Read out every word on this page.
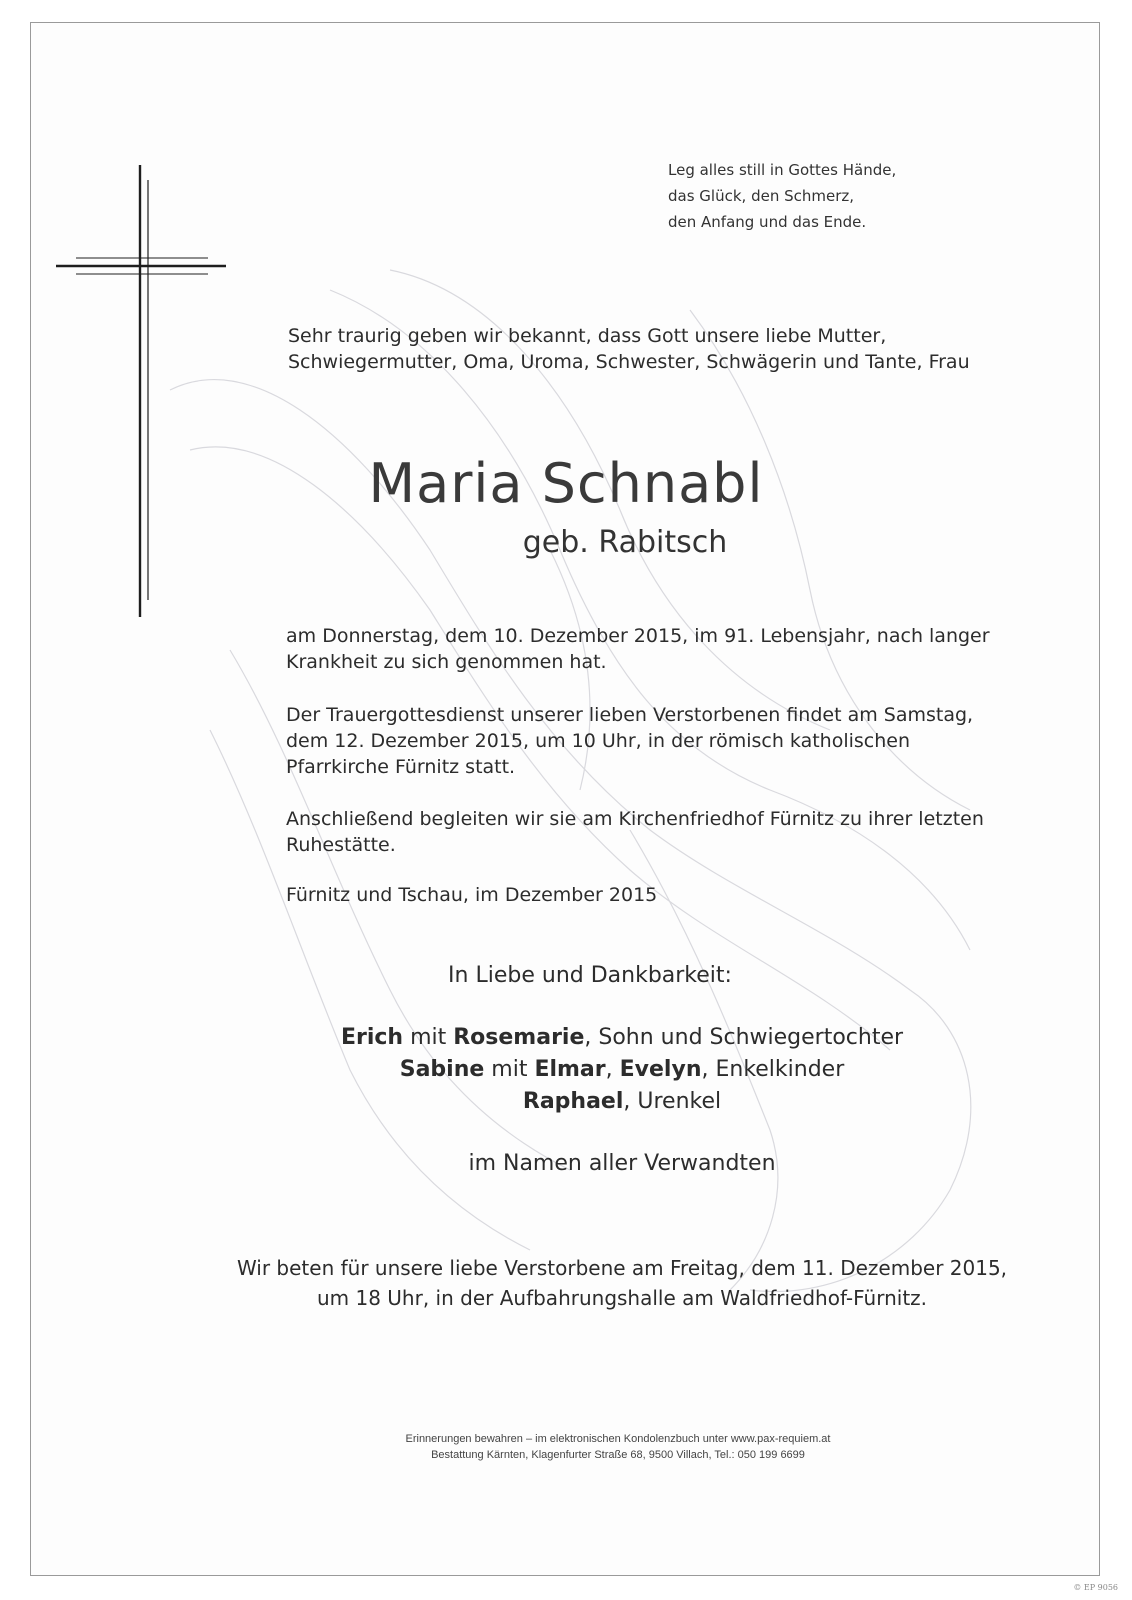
Leg alles still in Gottes Hände,
das Glück, den Schmerz,
den Anfang und das Ende.
Sehr traurig geben wir bekannt, dass Gott unsere liebe Mutter,
Schwiegermutter, Oma, Uroma, Schwester, Schwägerin und Tante, Frau
Maria Schnabl
geb. Rabitsch
am Donnerstag, dem 10. Dezember 2015, im 91. Lebensjahr, nach langer
Krankheit zu sich genommen hat.
Der Trauergottesdienst unserer lieben Verstorbenen findet am Samstag,
dem 12. Dezember 2015, um 10 Uhr, in der römisch katholischen
Pfarrkirche Fürnitz statt.
Anschließend begleiten wir sie am Kirchenfriedhof Fürnitz zu ihrer letzten
Ruhestätte.
Fürnitz und Tschau, im Dezember 2015
In Liebe und Dankbarkeit:
Erich mit Rosemarie, Sohn und Schwiegertochter
Sabine mit Elmar, Evelyn, Enkelkinder
Raphael, Urenkel
im Namen aller Verwandten
Wir beten für unsere liebe Verstorbene am Freitag, dem 11. Dezember 2015,
um 18 Uhr, in der Aufbahrungshalle am Waldfriedhof-Fürnitz.
Erinnerungen bewahren – im elektronischen Kondolenzbuch unter www.pax-requiem.at
Bestattung Kärnten, Klagenfurter Straße 68, 9500 Villach, Tel.: 050 199 6699
© EP 9056
